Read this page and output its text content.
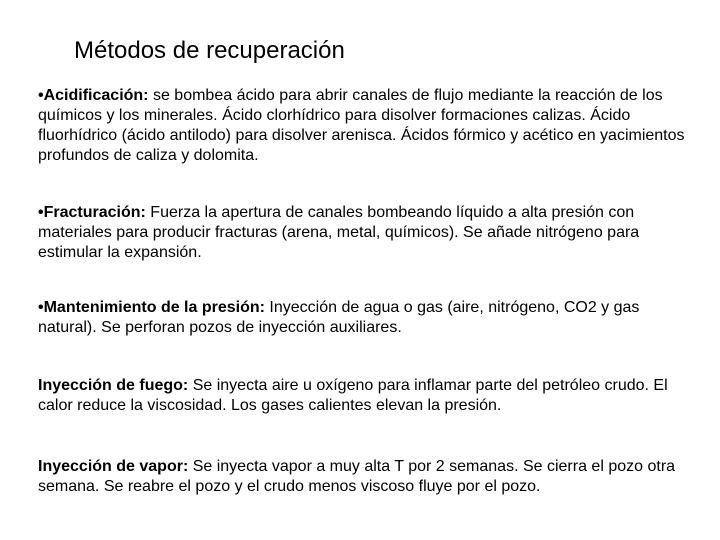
Métodos de recuperación
•Acidificación: se bombea ácido para abrir canales de flujo mediante la reacción de los químicos y los minerales. Ácido clorhídrico para disolver formaciones calizas. Ácido fluorhídrico (ácido antilodo) para disolver arenisca. Ácidos fórmico y acético en yacimientos profundos de caliza y dolomita.
•Fracturación: Fuerza la apertura de canales bombeando líquido a alta presión con materiales para producir fracturas (arena, metal, químicos). Se añade nitrógeno para estimular la expansión.
•Mantenimiento de la presión: Inyección de agua o gas (aire, nitrógeno, CO2 y gas natural). Se perforan pozos de inyección auxiliares.
Inyección de fuego: Se inyecta aire u oxígeno para inflamar parte del petróleo crudo. El calor reduce la viscosidad. Los gases calientes elevan la presión.
Inyección de vapor: Se inyecta vapor a muy alta T por 2 semanas. Se cierra el pozo otra semana. Se reabre el pozo y el crudo menos viscoso fluye por el pozo.
